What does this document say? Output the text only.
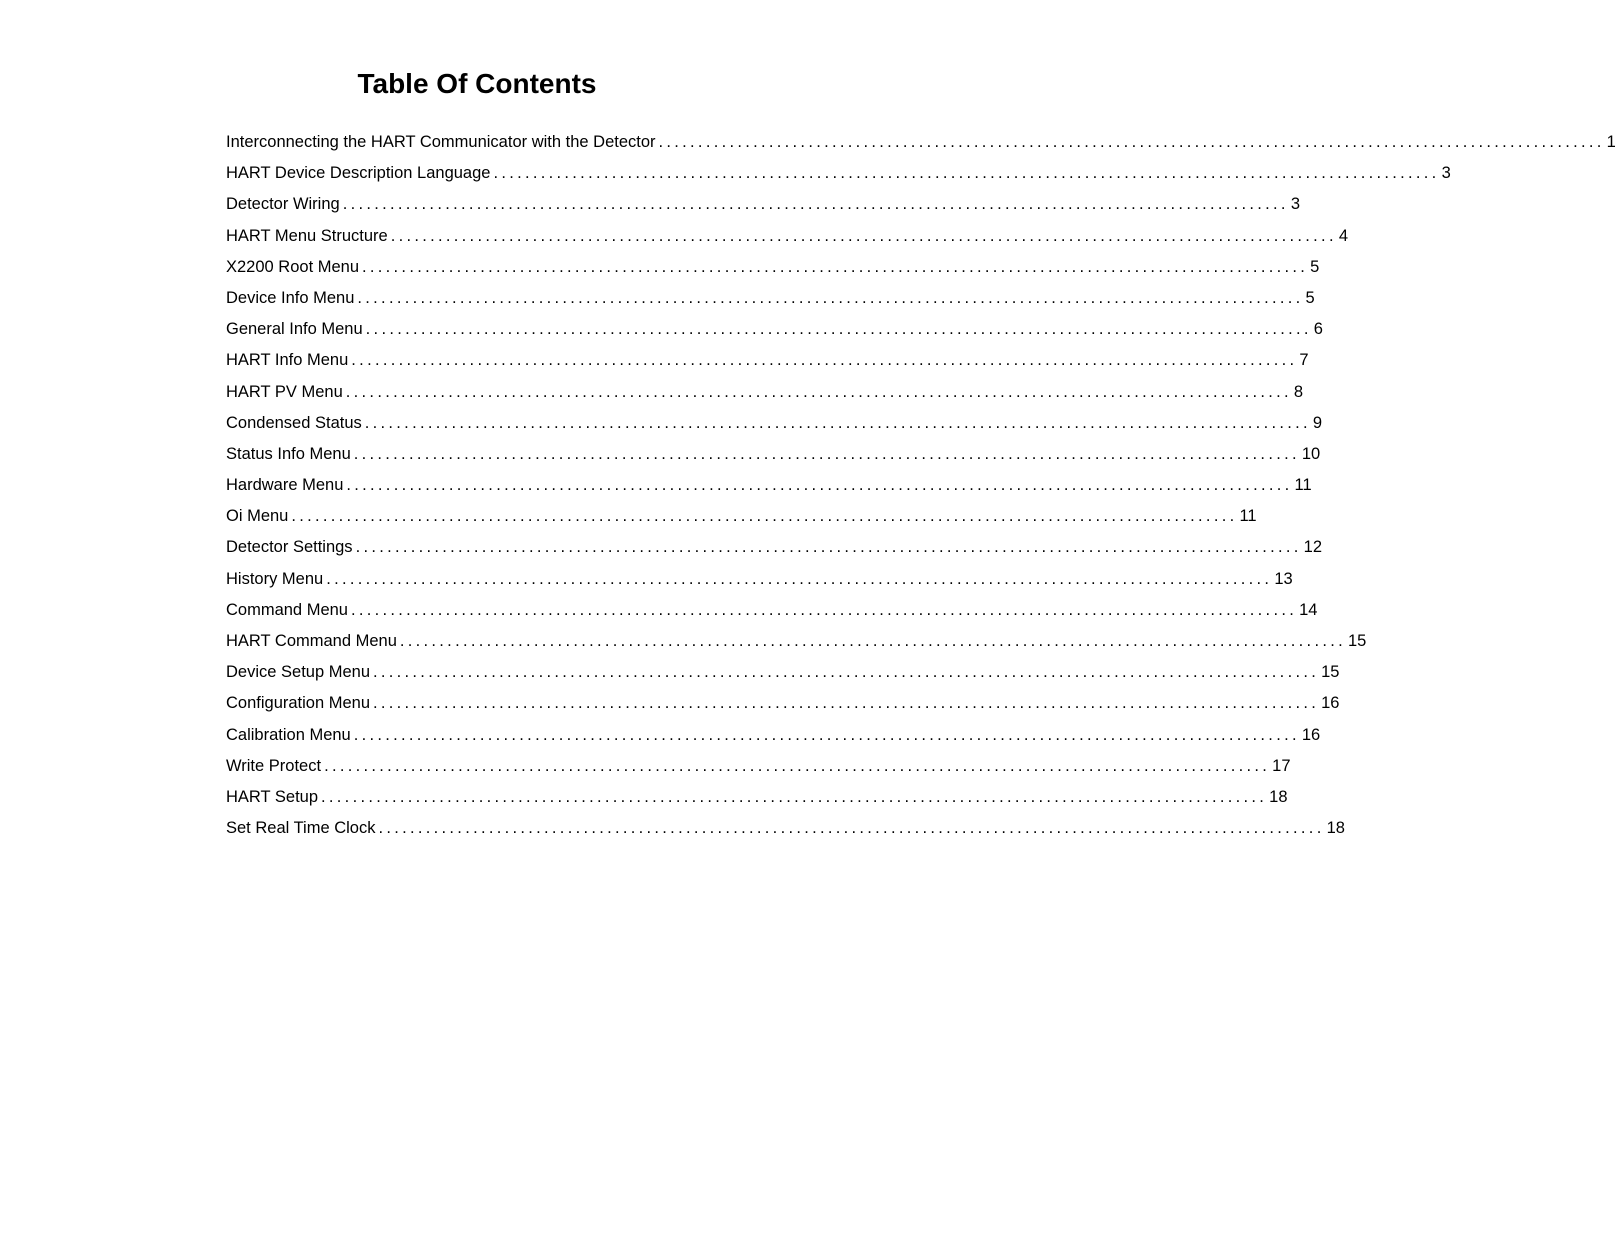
Table Of Contents
Interconnecting the HART Communicator with the Detector ........................................................................................................................ 1
HART Device Description Language ........................................................................................................................ 3
Detector Wiring ........................................................................................................................ 3
HART Menu Structure ........................................................................................................................ 4
X2200 Root Menu ........................................................................................................................ 5
Device Info Menu ........................................................................................................................ 5
General Info Menu ........................................................................................................................ 6
HART Info Menu ........................................................................................................................ 7
HART PV Menu ........................................................................................................................ 8
Condensed Status ........................................................................................................................ 9
Status Info Menu ........................................................................................................................ 10
Hardware Menu ........................................................................................................................ 11
Oi Menu ........................................................................................................................ 11
Detector Settings ........................................................................................................................ 12
History Menu ........................................................................................................................ 13
Command Menu ........................................................................................................................ 14
HART Command Menu ........................................................................................................................ 15
Device Setup Menu ........................................................................................................................ 15
Configuration Menu ........................................................................................................................ 16
Calibration Menu ........................................................................................................................ 16
Write Protect ........................................................................................................................ 17
HART Setup ........................................................................................................................ 18
Set Real Time Clock ........................................................................................................................ 18
